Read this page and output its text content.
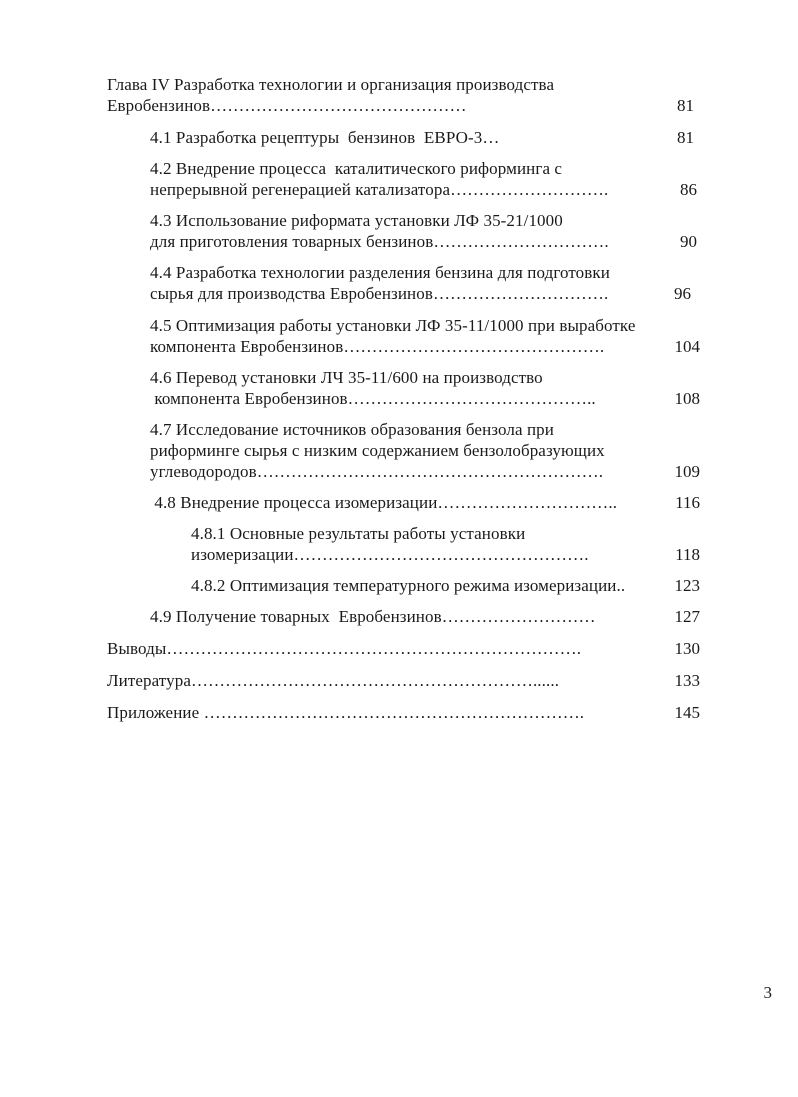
Глава IV Разработка технологии и организация производства
Евробензинов………………………………………	81
4.1 Разработка рецептуры  бензинов  ЕВРО-3…	81
4.2 Внедрение процесса  каталитического риформинга с
непрерывной регенерацией катализатора……………………….	86
4.3 Использование риформата установки ЛФ 35-21/1000
для приготовления товарных бензинов………………………….	90
4.4 Разработка технологии разделения бензина для подготовки
сырья для производства Евробензинов………………………….	96
4.5 Оптимизация работы установки ЛФ 35-11/1000 при выработке
компонента Евробензинов……………………………………….	104
4.6 Перевод установки ЛЧ 35-11/600 на производство
компонента Евробензинов……………………………………..	108
4.7 Исследование источников образования бензола при
риформинге сырья с низким содержанием бензолобразующих
углеводородов…………………………………………………….	109
4.8 Внедрение процесса изомеризации…………………………..	116
4.8.1 Основные результаты работы установки
изомеризации…………………………………………….	118
4.8.2 Оптимизация температурного режима изомеризации..	123
4.9 Получение товарных  Евробензинов………………………	127
Выводы……………………………………………………………….	130
Литература……………………………………………………......	133
Приложение ………………………………………………………….	145
3
